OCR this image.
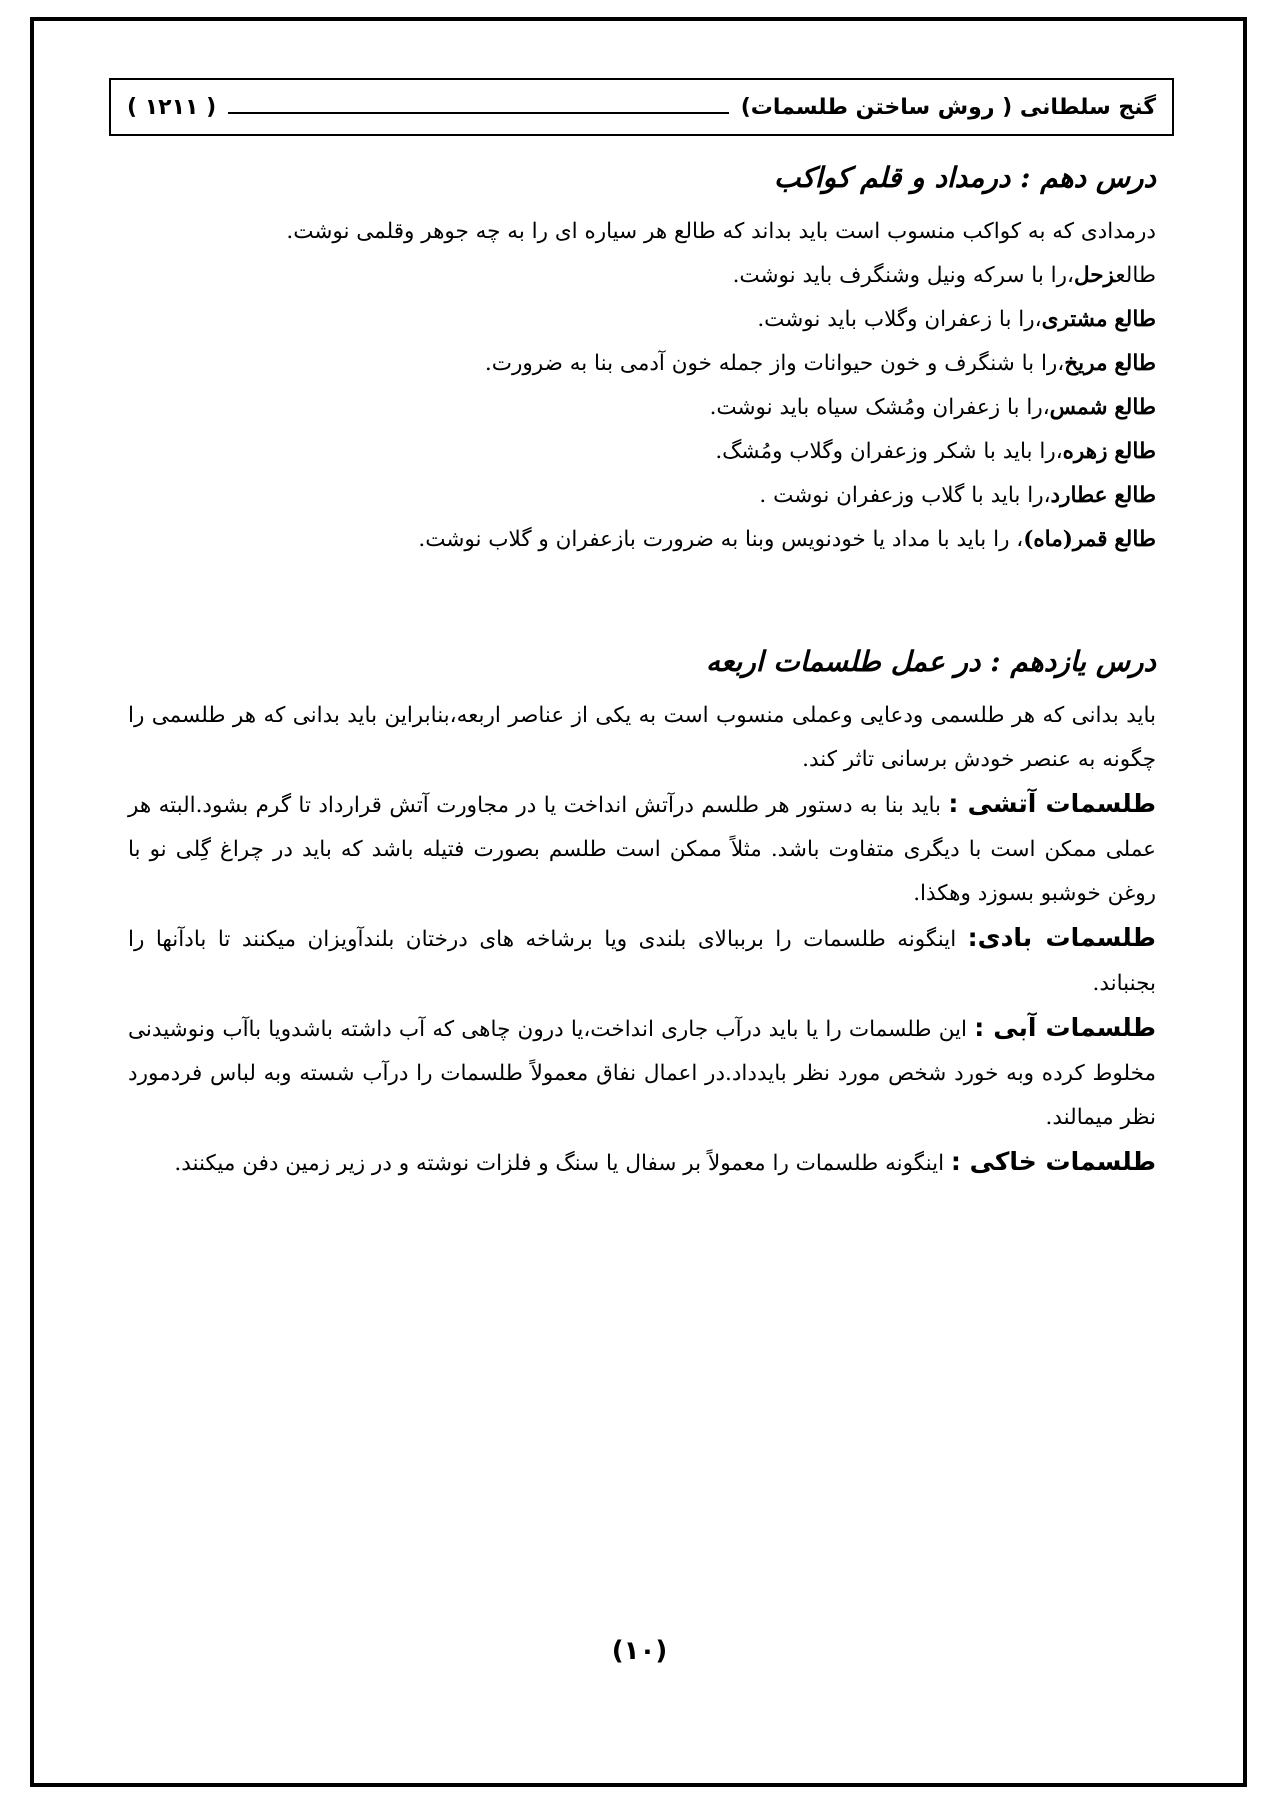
گنج سلطانی ( روش ساختن طلسمات)
( ۱۲۱۱ )
درس دهم : درمداد و قلم کواکب

درمدادی که به کواکب منسوب است باید بداند که طالع هر سیاره ای را به چه جوهر وقلمی نوشت.

طالعزحل،را با سرکه ونیل وشنگرف باید نوشت.

طالع مشتری،را با زعفران وگلاب باید نوشت.

طالع مریخ،را با شنگرف و خون حیوانات واز جمله خون آدمی بنا به ضرورت.

طالع شمس،را با زعفران ومُشک سیاه باید نوشت.

طالع زهره،را باید با شکر وزعفران وگلاب ومُشگ.

طالع عطارد،را باید با گلاب وزعفران نوشت .

طالع قمر(ماه)، را باید با مداد یا خودنویس وبنا به ضرورت بازعفران و گلاب نوشت.

درس یازدهم : در عمل طلسمات اربعه

باید بدانی که هر طلسمی ودعایی وعملی منسوب است به یکی از عناصر اربعه،بنابراین باید بدانی که هر طلسمی را چگونه به عنصر خودش برسانی تاثر کند.

طلسمات آتشی : باید بنا به دستور هر طلسم درآتش انداخت یا در مجاورت آتش قرارداد تا گرم بشود.البته هر عملی ممکن است با دیگری متفاوت باشد. مثلاً ممکن است طلسم بصورت فتیله باشد که باید در چراغ گِلی نو با روغن خوشبو بسوزد وهکذا.

طلسمات بادی: اینگونه طلسمات را برببالای بلندی ویا برشاخه های درختان بلندآویزان میکنند تا بادآنها را بجنباند.

طلسمات آبی : این طلسمات را یا باید درآب جاری انداخت،یا درون چاهی که آب داشته باشدویا باآب ونوشیدنی مخلوط کرده وبه خورد شخص مورد نظر بایدداد.در اعمال نفاق معمولاً طلسمات را درآب شسته وبه لباس فردمورد نظر میمالند.

طلسمات خاکی : اینگونه طلسمات را معمولاً بر سفال یا سنگ و فلزات نوشته و در زیر زمین دفن میکنند.

(۱۰)
